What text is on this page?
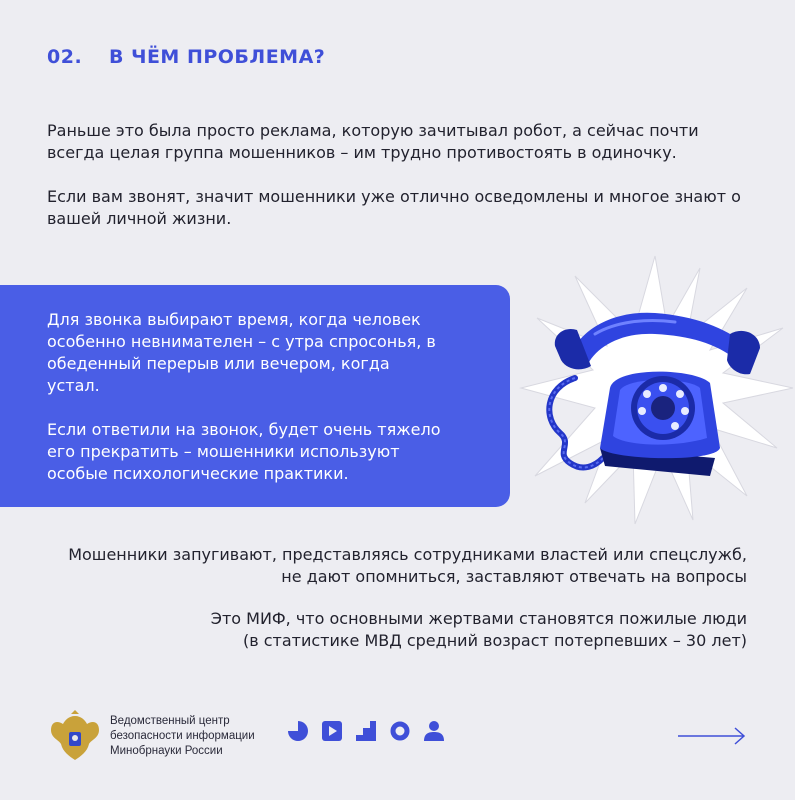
02.	В ЧЁМ ПРОБЛЕМА?

Раньше это была просто реклама, которую зачитывал робот, а сейчас почти всегда целая группа мошенников – им трудно противостоять в одиночку.

Если вам звонят, значит мошенники уже отлично осведомлены и многое знают о вашей личной жизни.

Для звонка выбирают время, когда человек особенно невнимателен – с утра спросонья, в обеденный перерыв или вечером, когда устал.

Если ответили на звонок, будет очень тяжело его прекратить – мошенники используют особые психологические практики.

Мошенники запугивают, представляясь сотрудниками властей или спецслужб,
не дают опомниться, заставляют отвечать на вопросы

Это МИФ, что основными жертвами становятся пожилые люди
(в статистике МВД средний возраст потерпевших – 30 лет)

Ведомственный центр
безопасности информации
Минобрнауки России
